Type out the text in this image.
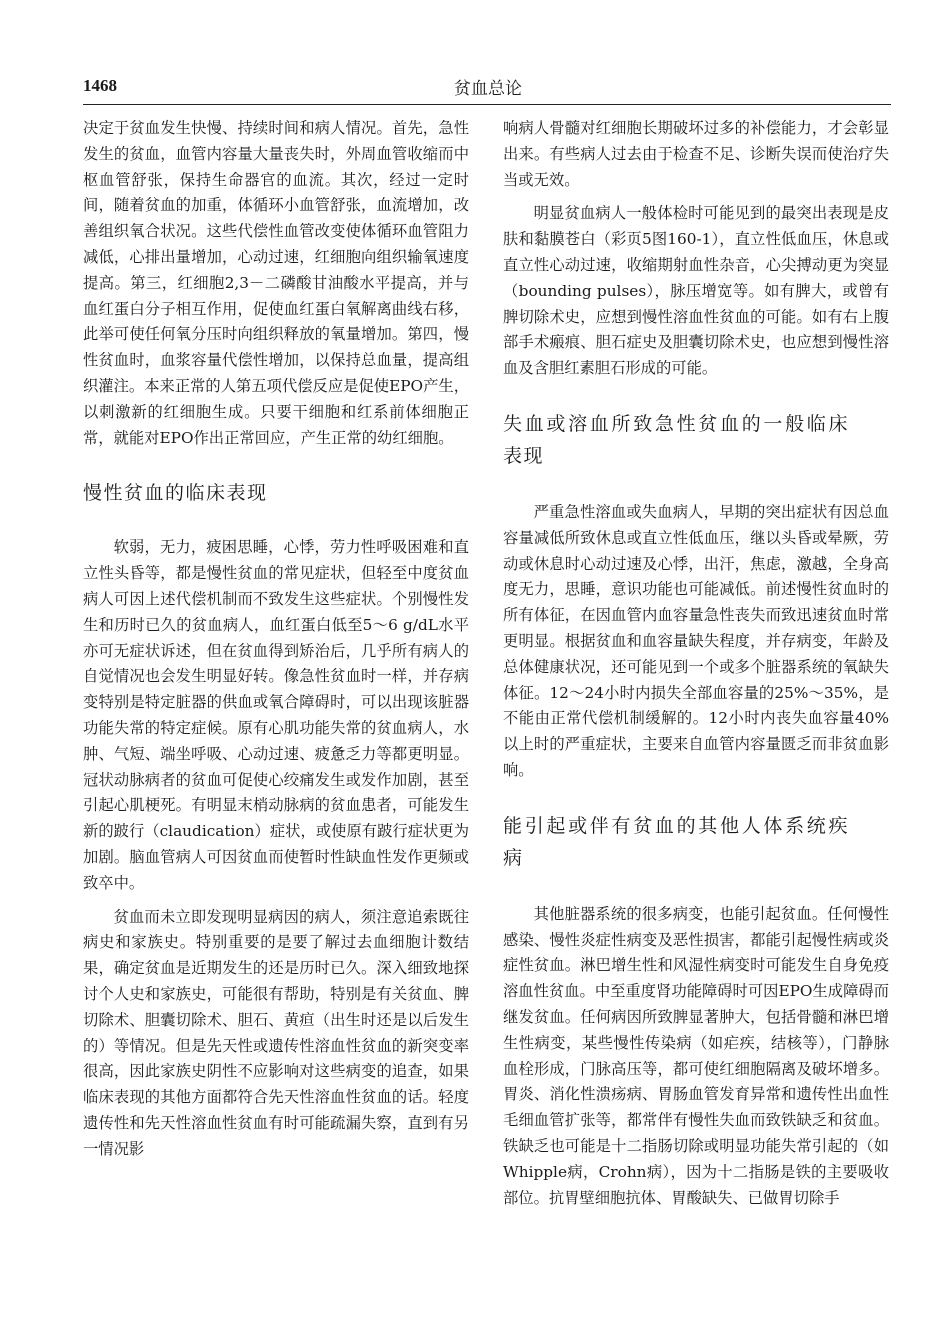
1468	贫血总论

决定于贫血发生快慢、持续时间和病人情况。首先，急性发生的贫血，血管内容量大量丧失时，外周血管收缩而中枢血管舒张，保持生命器官的血流。其次，经过一定时间，随着贫血的加重，体循环小血管舒张，血流增加，改善组织氧合状况。这些代偿性血管改变使体循环血管阻力减低，心排出量增加，心动过速，红细胞向组织输氧速度提高。第三，红细胞2,3－二磷酸甘油酸水平提高，并与血红蛋白分子相互作用，促使血红蛋白氧解离曲线右移，此举可使任何氧分压时向组织释放的氧量增加。第四，慢性贫血时，血浆容量代偿性增加，以保持总血量，提高组织灌注。本来正常的人第五项代偿反应是促使EPO产生，以刺激新的红细胞生成。只要干细胞和红系前体细胞正常，就能对EPO作出正常回应，产生正常的幼红细胞。

慢性贫血的临床表现

软弱，无力，疲困思睡，心悸，劳力性呼吸困难和直立性头昏等，都是慢性贫血的常见症状，但轻至中度贫血病人可因上述代偿机制而不致发生这些症状。个别慢性发生和历时已久的贫血病人，血红蛋白低至5～6 g/dL水平亦可无症状诉述，但在贫血得到矫治后，几乎所有病人的自觉情况也会发生明显好转。像急性贫血时一样，并存病变特别是特定脏器的供血或氧合障碍时，可以出现该脏器功能失常的特定症候。原有心肌功能失常的贫血病人，水肿、气短、端坐呼吸、心动过速、疲惫乏力等都更明显。冠状动脉病者的贫血可促使心绞痛发生或发作加剧，甚至引起心肌梗死。有明显末梢动脉病的贫血患者，可能发生新的跛行（claudication）症状，或使原有跛行症状更为加剧。脑血管病人可因贫血而使暂时性缺血性发作更频或致卒中。

贫血而未立即发现明显病因的病人，须注意追索既往病史和家族史。特别重要的是要了解过去血细胞计数结果，确定贫血是近期发生的还是历时已久。深入细致地探讨个人史和家族史，可能很有帮助，特别是有关贫血、脾切除术、胆囊切除术、胆石、黄疸（出生时还是以后发生的）等情况。但是先天性或遗传性溶血性贫血的新突变率很高，因此家族史阴性不应影响对这些病变的追查，如果临床表现的其他方面都符合先天性溶血性贫血的话。轻度遗传性和先天性溶血性贫血有时可能疏漏失察，直到有另一情况影

响病人骨髓对红细胞长期破坏过多的补偿能力，才会彰显出来。有些病人过去由于检查不足、诊断失误而使治疗失当或无效。

明显贫血病人一般体检时可能见到的最突出表现是皮肤和黏膜苍白（彩页5图160-1），直立性低血压，休息或直立性心动过速，收缩期射血性杂音，心尖搏动更为突显（bounding pulses），脉压增宽等。如有脾大，或曾有脾切除术史，应想到慢性溶血性贫血的可能。如有右上腹部手术瘢痕、胆石症史及胆囊切除术史，也应想到慢性溶血及含胆红素胆石形成的可能。

失血或溶血所致急性贫血的一般临床表现

严重急性溶血或失血病人，早期的突出症状有因总血容量减低所致休息或直立性低血压，继以头昏或晕厥，劳动或休息时心动过速及心悸，出汗，焦虑，激越，全身高度无力，思睡，意识功能也可能减低。前述慢性贫血时的所有体征，在因血管内血容量急性丧失而致迅速贫血时常更明显。根据贫血和血容量缺失程度，并存病变，年龄及总体健康状况，还可能见到一个或多个脏器系统的氧缺失体征。12～24小时内损失全部血容量的25%～35%，是不能由正常代偿机制缓解的。12小时内丧失血容量40%以上时的严重症状，主要来自血管内容量匮乏而非贫血影响。

能引起或伴有贫血的其他人体系统疾病

其他脏器系统的很多病变，也能引起贫血。任何慢性感染、慢性炎症性病变及恶性损害，都能引起慢性病或炎症性贫血。淋巴增生性和风湿性病变时可能发生自身免疫溶血性贫血。中至重度肾功能障碍时可因EPO生成障碍而继发贫血。任何病因所致脾显著肿大，包括骨髓和淋巴增生性病变，某些慢性传染病（如疟疾，结核等），门静脉血栓形成，门脉高压等，都可使红细胞隔离及破坏增多。胃炎、消化性溃疡病、胃肠血管发育异常和遗传性出血性毛细血管扩张等，都常伴有慢性失血而致铁缺乏和贫血。铁缺乏也可能是十二指肠切除或明显功能失常引起的（如Whipple病，Crohn病），因为十二指肠是铁的主要吸收部位。抗胃壁细胞抗体、胃酸缺失、已做胃切除手
